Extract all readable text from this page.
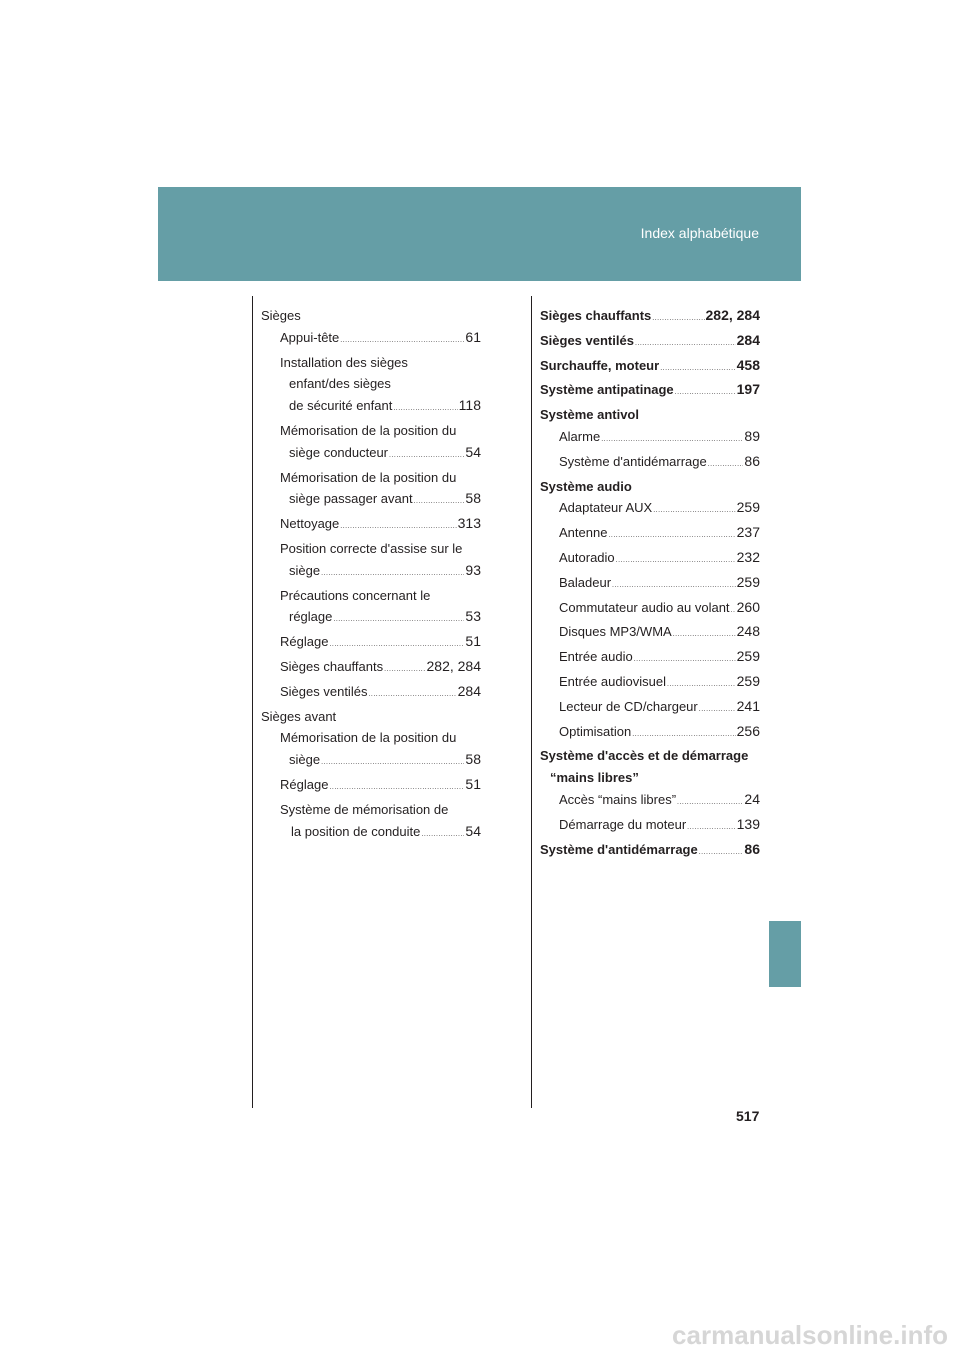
Index alphabétique
Sièges
Appui-tête .....	61
Installation des sièges
enfant/des sièges
de sécurité enfant .....	118
Mémorisation de la position du
siège conducteur .....	54
Mémorisation de la position du
siège passager avant .....	58
Nettoyage .....	313
Position correcte d'assise sur le
siège .....	93
Précautions concernant le
réglage .....	53
Réglage .....	51
Sièges chauffants .....	282, 284
Sièges ventilés .....	284
Sièges avant
Mémorisation de la position du
siège .....	58
Réglage .....	51
Système de mémorisation de
la position de conduite .....	54
Sièges chauffants .....	282, 284
Sièges ventilés .....	284
Surchauffe, moteur .....	458
Système antipatinage .....	197
Système antivol
Alarme .....	89
Système d'antidémarrage .....	86
Système audio
Adaptateur AUX .....	259
Antenne .....	237
Autoradio .....	232
Baladeur .....	259
Commutateur audio au volant ..... 260
Disques MP3/WMA .....	248
Entrée audio .....	259
Entrée audiovisuel .....	259
Lecteur de CD/chargeur .....	241
Optimisation .....	256
Système d'accès et de démarrage
“mains libres”
Accès “mains libres” .....	24
Démarrage du moteur .....	139
Système d'antidémarrage .....	86
517
carmanualsonline.info
